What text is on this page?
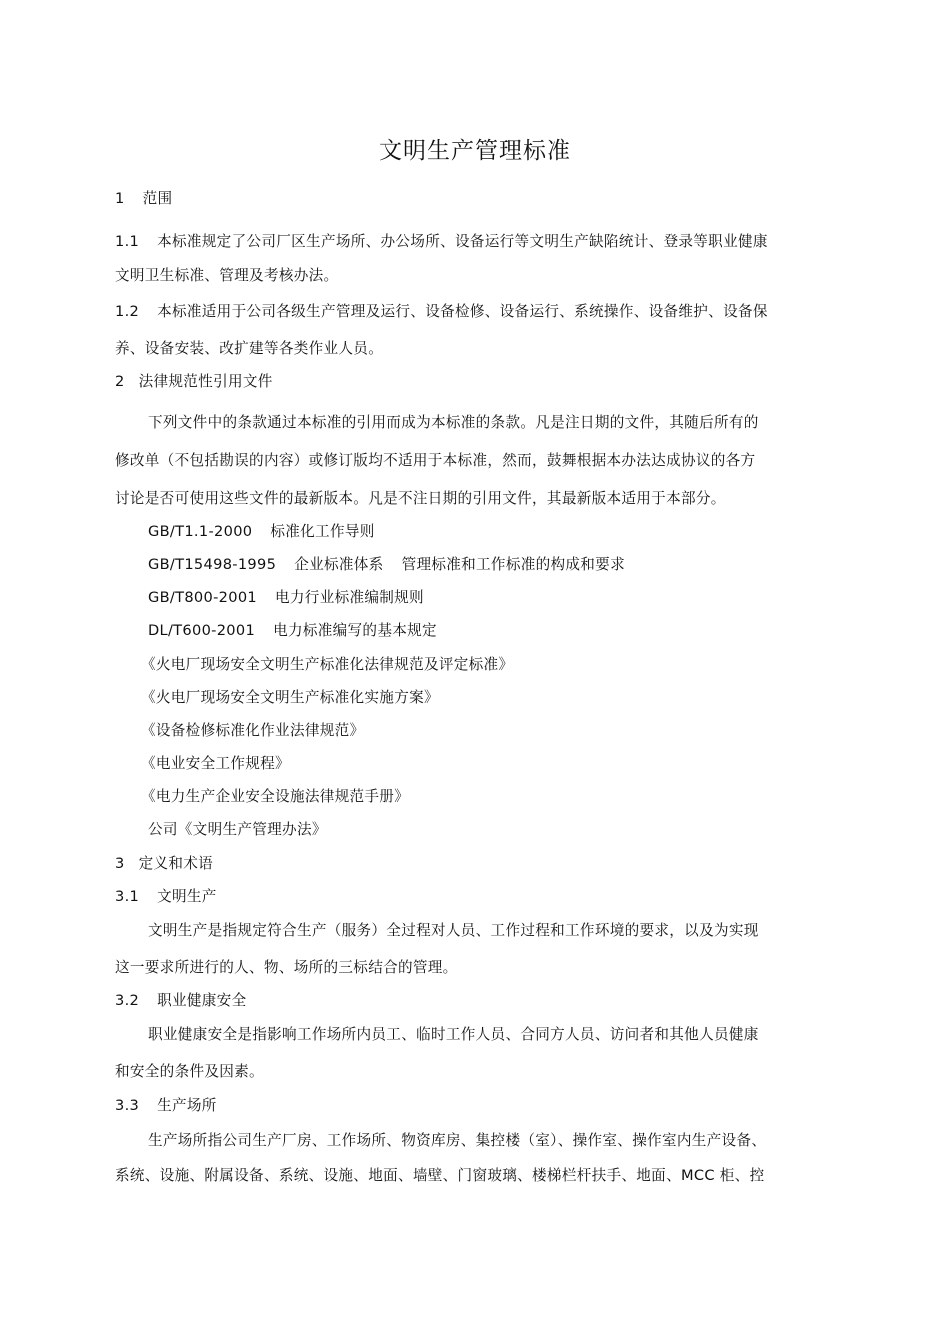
文明生产管理标准
1 范围
1.1 本标准规定了公司厂区生产场所、办公场所、设备运行等文明生产缺陷统计、登录等职业健康
文明卫生标准、管理及考核办法。
1.2 本标准适用于公司各级生产管理及运行、设备检修、设备运行、系统操作、设备维护、设备保
养、设备安装、改扩建等各类作业人员。
2 法律规范性引用文件
下列文件中的条款通过本标准的引用而成为本标准的条款。凡是注日期的文件，其随后所有的
修改单（不包括勘误的内容）或修订版均不适用于本标准，然而，鼓舞根据本办法达成协议的各方
讨论是否可使用这些文件的最新版本。凡是不注日期的引用文件，其最新版本适用于本部分。
GB/T1.1-2000 标准化工作导则
GB/T15498-1995 企业标准体系 管理标准和工作标准的构成和要求
GB/T800-2001 电力行业标准编制规则
DL/T600-2001 电力标准编写的基本规定
《火电厂现场安全文明生产标准化法律规范及评定标准》
《火电厂现场安全文明生产标准化实施方案》
《设备检修标准化作业法律规范》
《电业安全工作规程》
《电力生产企业安全设施法律规范手册》
公司《文明生产管理办法》
3 定义和术语
3.1 文明生产
文明生产是指规定符合生产（服务）全过程对人员、工作过程和工作环境的要求，以及为实现
这一要求所进行的人、物、场所的三标结合的管理。
3.2 职业健康安全
职业健康安全是指影响工作场所内员工、临时工作人员、合同方人员、访问者和其他人员健康
和安全的条件及因素。
3.3 生产场所
生产场所指公司生产厂房、工作场所、物资库房、集控楼（室）、操作室、操作室内生产设备、
系统、设施、附属设备、系统、设施、地面、墙壁、门窗玻璃、楼梯栏杆扶手、地面、MCC 柜、控
